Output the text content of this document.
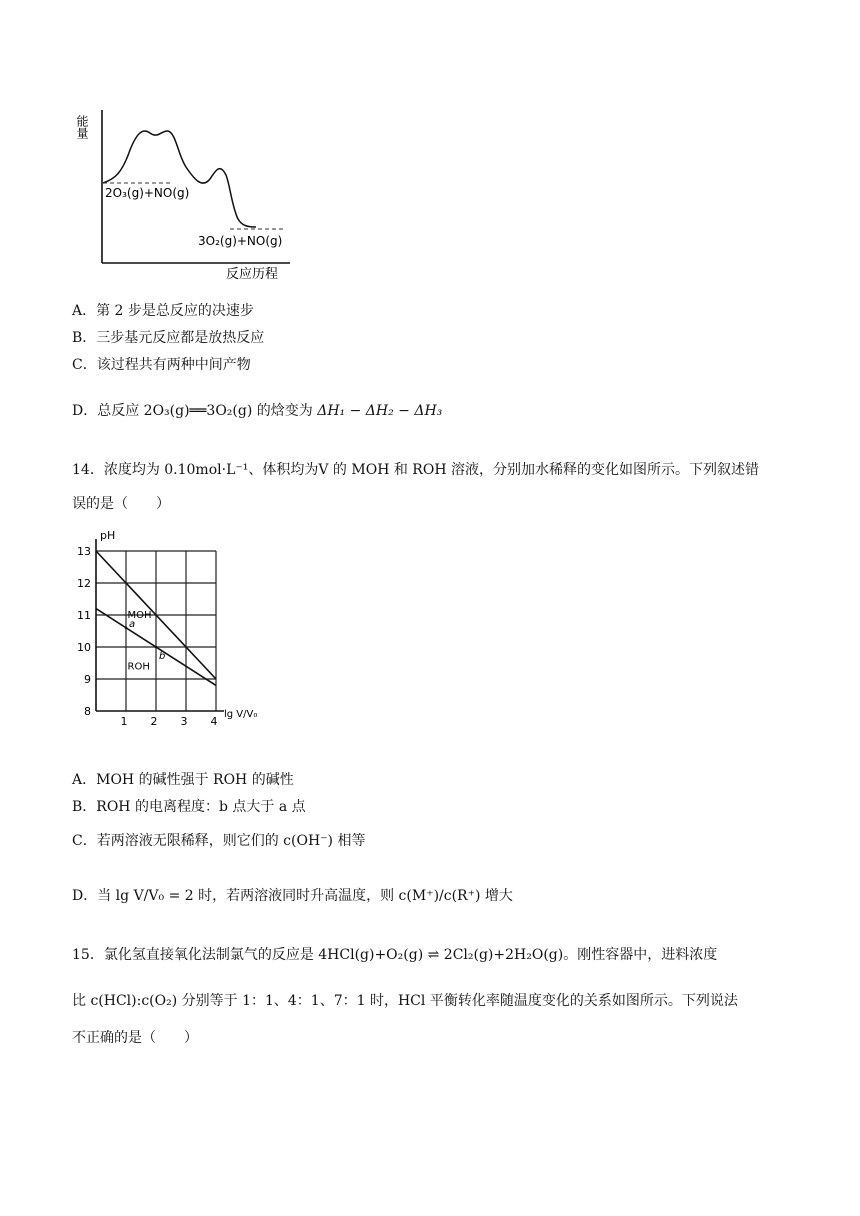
能量
2O₃(g)+NO(g)
3O₂(g)+NO(g)
反应历程
A．第 2 步是总反应的决速步
B．三步基元反应都是放热反应
C．该过程共有两种中间产物
D．总反应 2O₃(g)══3O₂(g) 的焓变为 ΔH₁ − ΔH₂ − ΔH₃
14．浓度均为 0.10mol·L⁻¹、体积均为V 的 MOH 和 ROH 溶液，分别加水稀释的变化如图所示。下列叙述错
误的是（　　）
8
9
10
11
12
13
1 2 3 4
pH
lg V/V₀
MOH
ROH
a
b
A．MOH 的碱性强于 ROH 的碱性
B．ROH 的电离程度：b 点大于 a 点
C．若两溶液无限稀释，则它们的 c(OH⁻) 相等
D．当 lg V/V₀ = 2 时，若两溶液同时升高温度，则 c(M⁺)/c(R⁺) 增大
15．氯化氢直接氧化法制氯气的反应是 4HCl(g)+O₂(g) ⇌ 2Cl₂(g)+2H₂O(g)。刚性容器中，进料浓度
比 c(HCl):c(O₂) 分别等于 1：1、4：1、7：1 时，HCl 平衡转化率随温度变化的关系如图所示。下列说法
不正确的是（　　）
